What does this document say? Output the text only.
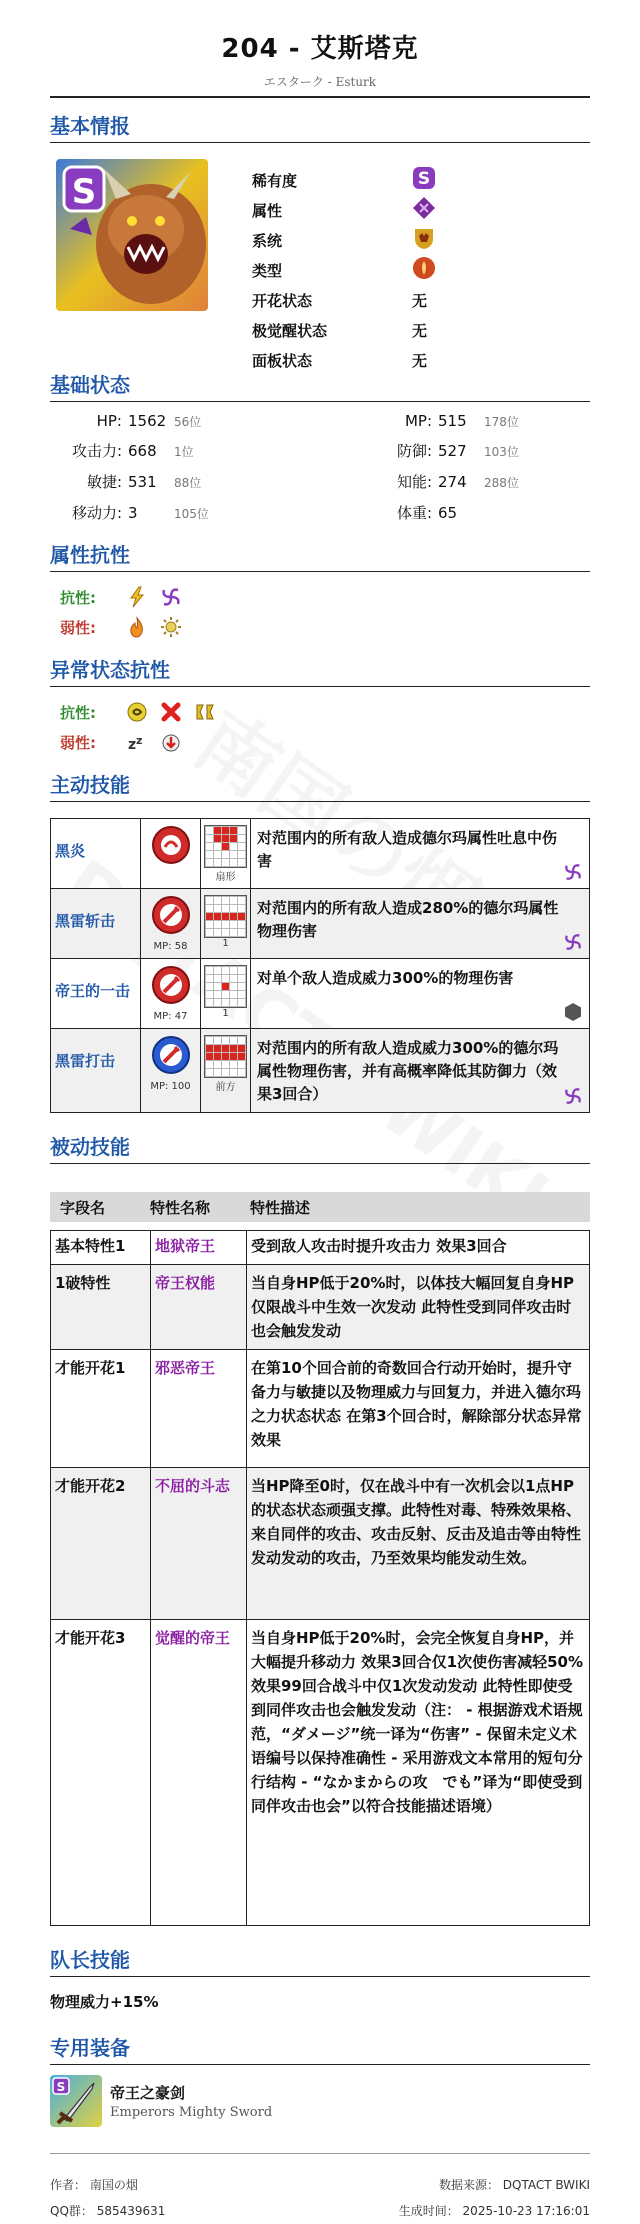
204 - 艾斯塔克
エスターク - Esturk
基本情报
S	稀有度	S
属性
系统
类型
开花状态	无
极觉醒状态	无
面板状态	无
基础状态
HP: 1562 56位	MP: 515	178位
攻击力: 668	1位	防御: 527	103位
敏捷: 531	88位	知能: 274	288位
移动力: 3	105位	体重: 65
属性抗性
抗性:
弱性:
异常状态抗性
抗性:
弱性:	z z
主动技能
黑炎		扇形	对范围内的所有敌人造成德尔玛属性吐息中伤害

黑雷斩击	MP: 58	1	对范围内的所有敌人造成280%的德尔玛属性物理伤害

帝王的一击	MP: 47	1	对单个敌人造成威力300%的物理伤害

黑雷打击	MP: 100	前方	对范围内的所有敌人造成威力300%的德尔玛属性物理伤害，并有高概率降低其防御力（效果3回合）
被动技能
字段名	特性名称	特性描述
基本特性1	地狱帝王	受到敌人攻击时提升攻击力 效果3回合
1破特性	帝王权能	当自身HP低于20%时，以体技大幅回复自身HP 仅限战斗中生效一次发动 此特性受到同伴攻击时也会触发发动
才能开花1	邪恶帝王	在第10个回合前的奇数回合行动开始时，提升守备力与敏捷以及物理威力与回复力，并进入德尔玛之力状态状态 在第3个回合时，解除部分状态异常效果
才能开花2	不屈的斗志	当HP降至0时，仅在战斗中有一次机会以1点HP的状态状态顽强支撑。此特性对毒、特殊效果格、来自同伴的攻击、攻击反射、反击及追击等由特性发动发动的攻击，乃至效果均能发动生效。
才能开花3	觉醒的帝王	当自身HP低于20%时，会完全恢复自身HP，并大幅提升移动力 效果3回合仅1次使伤害减轻50% 效果99回合战斗中仅1次发动发动 此特性即使受到同伴攻击也会触发发动（注： - 根据游戏术语规范，“ダメージ”统一译为“伤害” - 保留未定义术语编号以保持准确性 - 采用游戏文本常用的短句分行结构 - “なかまからの攻　でも”译为“即使受到同伴攻击也会”以符合技能描述语境）
队长技能
物理威力+15%
专用装备
S	帝王之豪剑
Emperors Mighty Sword
作者： 南国の烟
QQ群： 585439631
数据来源： DQTACT BWIKI
生成时间： 2025-10-23 17:16:01
